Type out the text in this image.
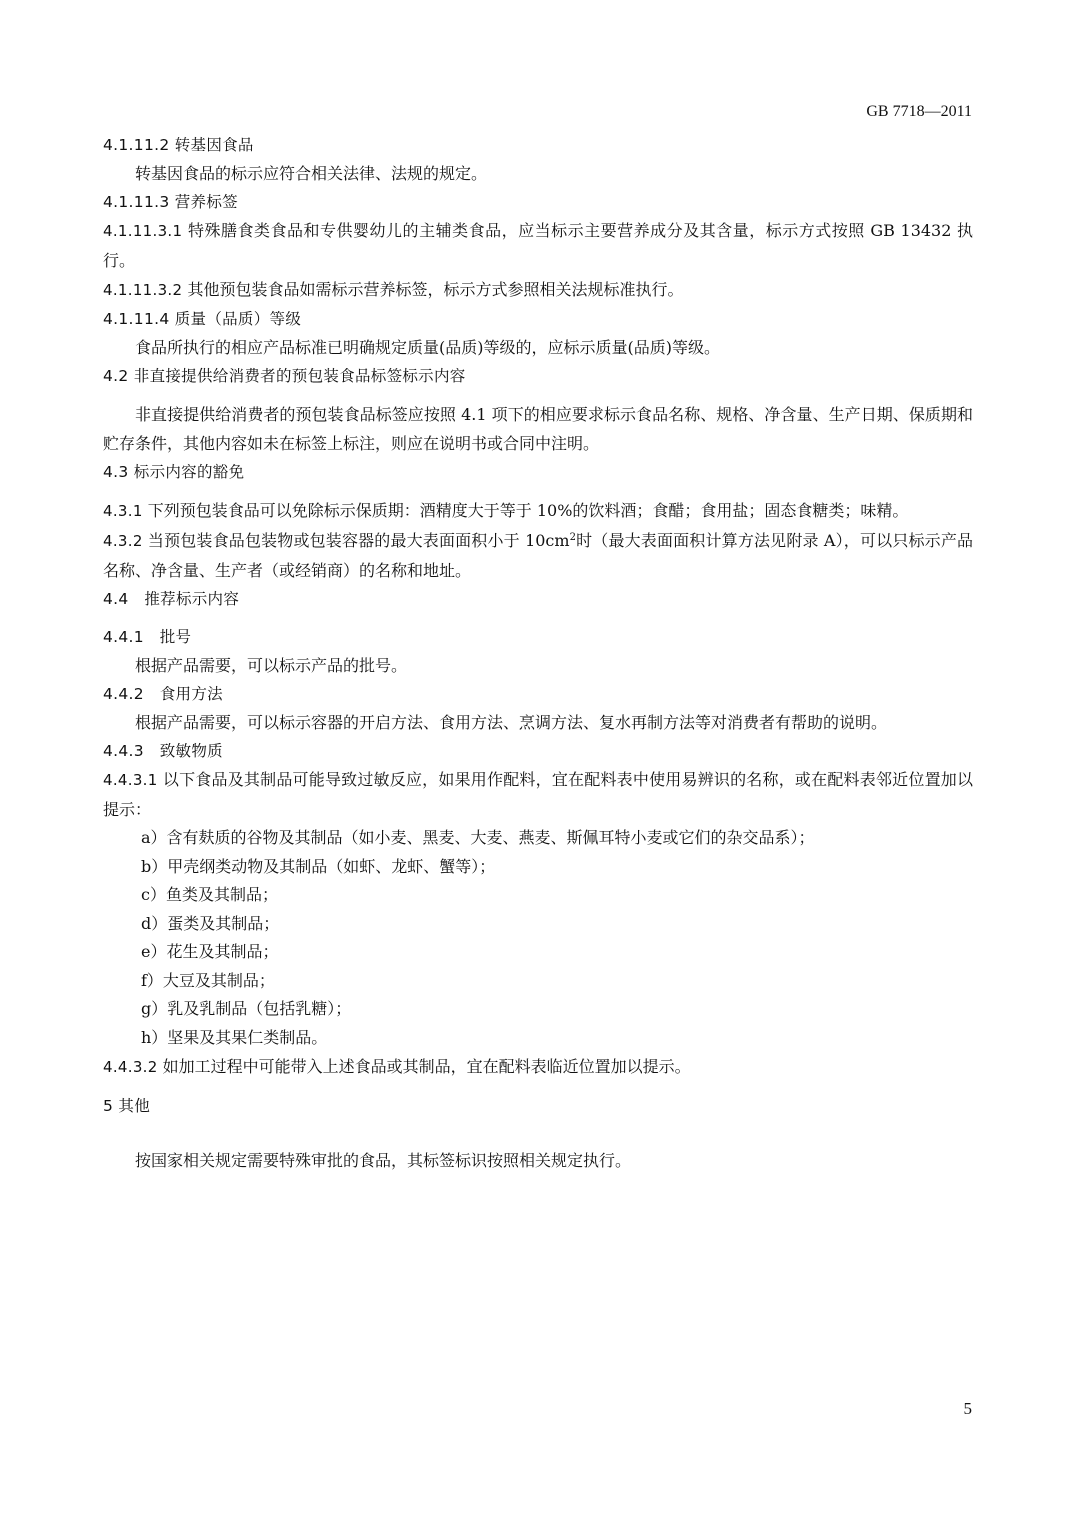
GB 7718—2011

4.1.11.2 转基因食品

转基因食品的标示应符合相关法律、法规的规定。

4.1.11.3 营养标签

4.1.11.3.1 特殊膳食类食品和专供婴幼儿的主辅类食品，应当标示主要营养成分及其含量，标示方式按照 GB 13432 执行。

4.1.11.3.2 其他预包装食品如需标示营养标签，标示方式参照相关法规标准执行。

4.1.11.4 质量（品质）等级

食品所执行的相应产品标准已明确规定质量(品质)等级的，应标示质量(品质)等级。

4.2 非直接提供给消费者的预包装食品标签标示内容

非直接提供给消费者的预包装食品标签应按照 4.1 项下的相应要求标示食品名称、规格、净含量、生产日期、保质期和贮存条件，其他内容如未在标签上标注，则应在说明书或合同中注明。

4.3 标示内容的豁免

4.3.1 下列预包装食品可以免除标示保质期：酒精度大于等于 10%的饮料酒；食醋；食用盐；固态食糖类；味精。

4.3.2 当预包装食品包装物或包装容器的最大表面面积小于 $10cm^2$时（最大表面面积计算方法见附录 A），可以只标示产品名称、净含量、生产者（或经销商）的名称和地址。

4.4　推荐标示内容

4.4.1　批号

根据产品需要，可以标示产品的批号。

4.4.2　食用方法

根据产品需要，可以标示容器的开启方法、食用方法、烹调方法、复水再制方法等对消费者有帮助的说明。

4.4.3　致敏物质

4.4.3.1 以下食品及其制品可能导致过敏反应，如果用作配料，宜在配料表中使用易辨识的名称，或在配料表邻近位置加以提示：

a）含有麸质的谷物及其制品（如小麦、黑麦、大麦、燕麦、斯佩耳特小麦或它们的杂交品系）；

b）甲壳纲类动物及其制品（如虾、龙虾、蟹等）；

c）鱼类及其制品；

d）蛋类及其制品；

e）花生及其制品；

f）大豆及其制品；

g）乳及乳制品（包括乳糖）；

h）坚果及其果仁类制品。

4.4.3.2 如加工过程中可能带入上述食品或其制品，宜在配料表临近位置加以提示。

5 其他

按国家相关规定需要特殊审批的食品，其标签标识按照相关规定执行。

5
